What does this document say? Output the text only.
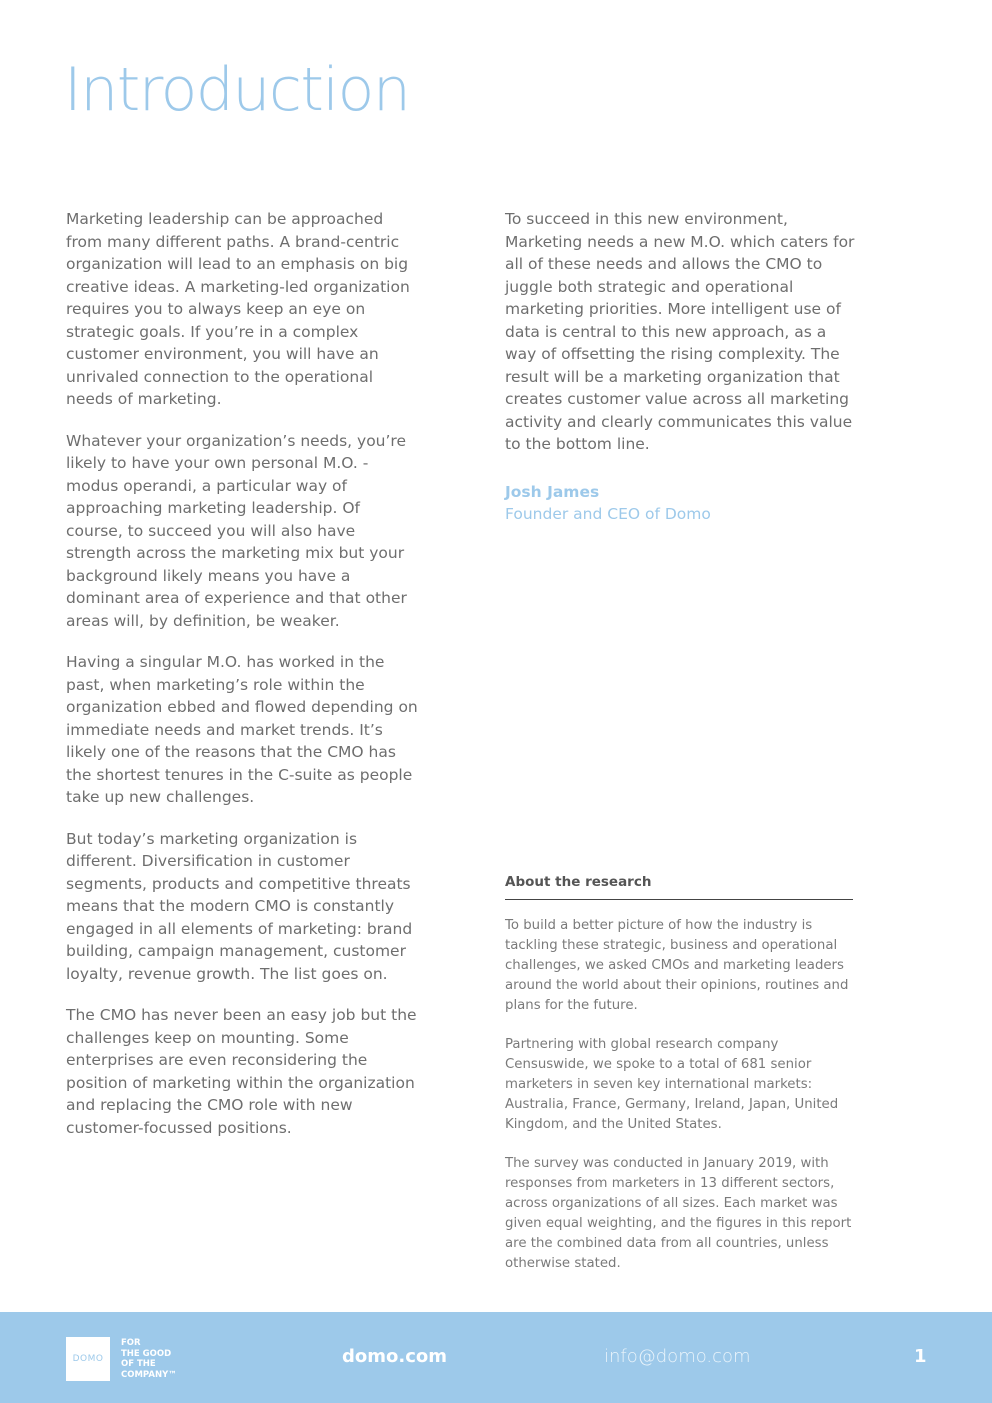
Introduction

Marketing leadership can be approached from many different paths. A brand-centric organization will lead to an emphasis on big creative ideas. A marketing-led organization requires you to always keep an eye on strategic goals. If you’re in a complex customer environment, you will have an unrivaled connection to the operational needs of marketing.

Whatever your organization’s needs, you’re likely to have your own personal M.O. - modus operandi, a particular way of approaching marketing leadership. Of course, to succeed you will also have strength across the marketing mix but your background likely means you have a dominant area of experience and that other areas will, by definition, be weaker.

Having a singular M.O. has worked in the past, when marketing’s role within the organization ebbed and flowed depending on immediate needs and market trends. It’s likely one of the reasons that the CMO has the shortest tenures in the C-suite as people take up new challenges.

But today’s marketing organization is different. Diversification in customer segments, products and competitive threats means that the modern CMO is constantly engaged in all elements of marketing: brand building, campaign management, customer loyalty, revenue growth. The list goes on.

The CMO has never been an easy job but the challenges keep on mounting. Some enterprises are even reconsidering the position of marketing within the organization and replacing the CMO role with new customer-focussed positions.

To succeed in this new environment, Marketing needs a new M.O. which caters for all of these needs and allows the CMO to juggle both strategic and operational marketing priorities. More intelligent use of data is central to this new approach, as a way of offsetting the rising complexity. The result will be a marketing organization that creates customer value across all marketing activity and clearly communicates this value to the bottom line.

Josh James
Founder and CEO of Domo
About the research

To build a better picture of how the industry is tackling these strategic, business and operational challenges, we asked CMOs and marketing leaders around the world about their opinions, routines and plans for the future.

Partnering with global research company Censuswide, we spoke to a total of 681 senior marketers in seven key international markets: Australia, France, Germany, Ireland, Japan, United Kingdom, and the United States.

The survey was conducted in January 2019, with responses from marketers in 13 different sectors, across organizations of all sizes. Each market was given equal weighting, and the figures in this report are the combined data from all countries, unless otherwise stated.

DOMO
FOR
THE GOOD
OF THE
COMPANY™
domo.com	info@domo.com	1
